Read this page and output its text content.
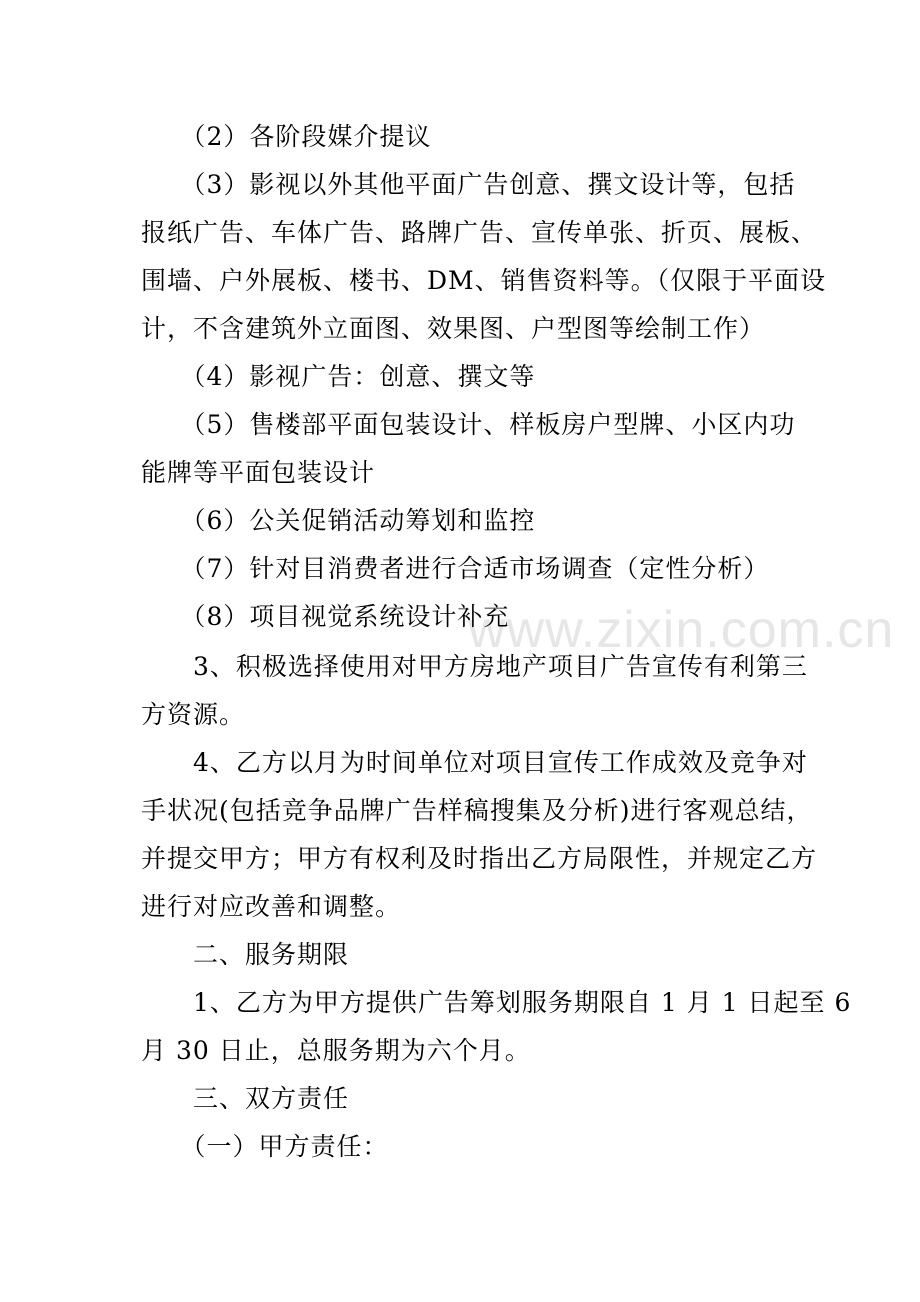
www.zixin.com.cn
　　（2）各阶段媒介提议
　　（3）影视以外其他平面广告创意、撰文设计等，包括
报纸广告、车体广告、路牌广告、宣传单张、折页、展板、
围墙、户外展板、楼书、DM、销售资料等。（仅限于平面设
计，不含建筑外立面图、效果图、户型图等绘制工作）
　　（4）影视广告：创意、撰文等
　　（5）售楼部平面包装设计、样板房户型牌、小区内功
能牌等平面包装设计
　　（6）公关促销活动筹划和监控
　　（7）针对目消费者进行合适市场调查（定性分析）
　　（8）项目视觉系统设计补充
　　3、积极选择使用对甲方房地产项目广告宣传有利第三
方资源。
　　4、乙方以月为时间单位对项目宣传工作成效及竞争对
手状况(包括竞争品牌广告样稿搜集及分析)进行客观总结，
并提交甲方；甲方有权利及时指出乙方局限性，并规定乙方
进行对应改善和调整。
　　二、服务期限
　　1、乙方为甲方提供广告筹划服务期限自 1 月 1 日起至 6
月 30 日止，总服务期为六个月。
　　三、双方责任
　　（一）甲方责任：
